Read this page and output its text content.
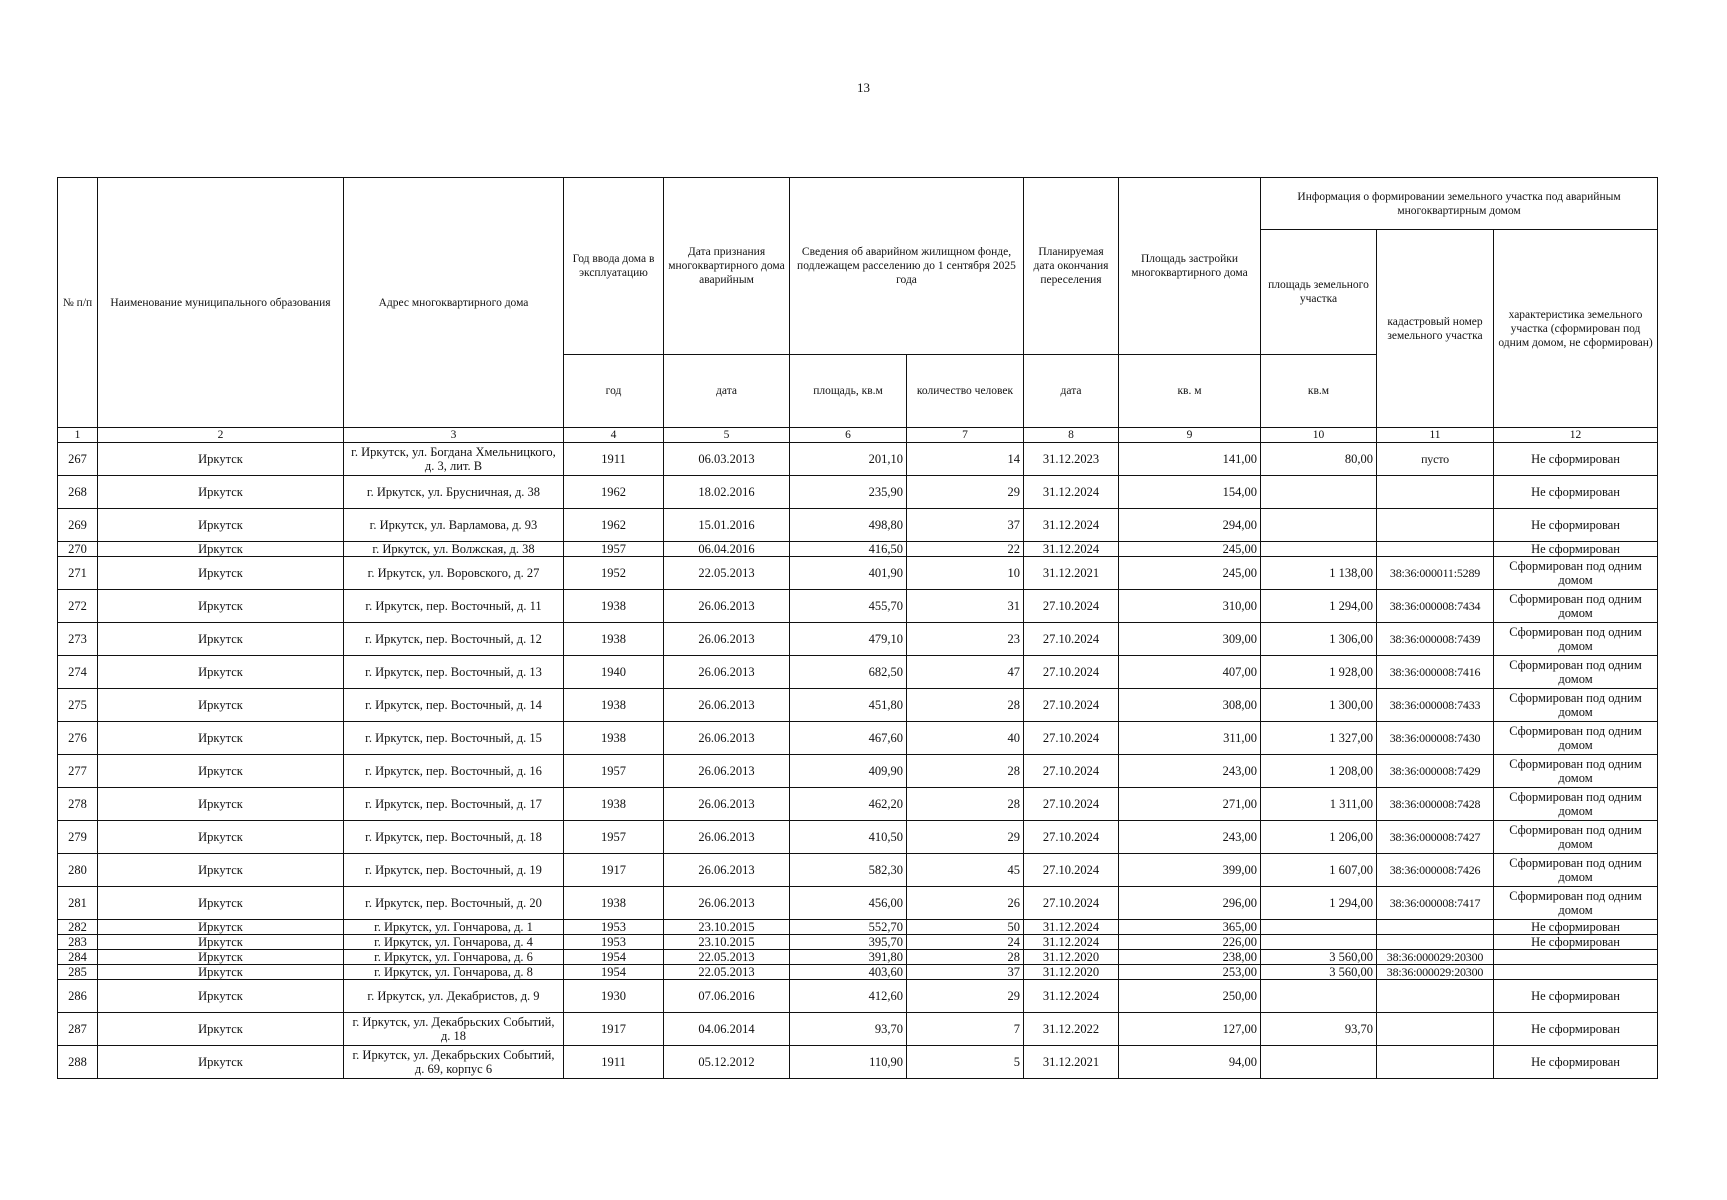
13
№ п/п	Наименование муниципального образования	Адрес многоквартирного дома	Год ввода дома в эксплуатацию	Дата признания многоквартирного дома аварийным	Сведения об аварийном жилищном фонде, подлежащем расселению до 1 сентября 2025 года		Планируемая дата окончания переселения	Площадь застройки многоквартирного дома	Информация о формировании земельного участка под аварийным многоквартирным домом		
									площадь земельного участка	кадастровый номер земельного участка	характеристика земельного участка (сформирован под одним домом, не сформирован)
			год	дата	площадь, кв.м	количество человек	дата	кв. м	кв.м		
1	2	3	4	5	6	7	8	9	10	11	12
267	Иркутск	г. Иркутск, ул. Богдана Хмельницкого, д. 3, лит. В	1911	06.03.2013	201,10	14	31.12.2023	141,00	80,00	пусто	Не сформирован
268	Иркутск	г. Иркутск, ул. Брусничная, д. 38	1962	18.02.2016	235,90	29	31.12.2024	154,00			Не сформирован
269	Иркутск	г. Иркутск, ул. Варламова, д. 93	1962	15.01.2016	498,80	37	31.12.2024	294,00			Не сформирован
270	Иркутск	г. Иркутск, ул. Волжская, д. 38	1957	06.04.2016	416,50	22	31.12.2024	245,00			Не сформирован
271	Иркутск	г. Иркутск, ул. Воровского, д. 27	1952	22.05.2013	401,90	10	31.12.2021	245,00	1 138,00	38:36:000011:5289	Сформирован под одним домом
272	Иркутск	г. Иркутск, пер. Восточный, д. 11	1938	26.06.2013	455,70	31	27.10.2024	310,00	1 294,00	38:36:000008:7434	Сформирован под одним домом
273	Иркутск	г. Иркутск, пер. Восточный, д. 12	1938	26.06.2013	479,10	23	27.10.2024	309,00	1 306,00	38:36:000008:7439	Сформирован под одним домом
274	Иркутск	г. Иркутск, пер. Восточный, д. 13	1940	26.06.2013	682,50	47	27.10.2024	407,00	1 928,00	38:36:000008:7416	Сформирован под одним домом
275	Иркутск	г. Иркутск, пер. Восточный, д. 14	1938	26.06.2013	451,80	28	27.10.2024	308,00	1 300,00	38:36:000008:7433	Сформирован под одним домом
276	Иркутск	г. Иркутск, пер. Восточный, д. 15	1938	26.06.2013	467,60	40	27.10.2024	311,00	1 327,00	38:36:000008:7430	Сформирован под одним домом
277	Иркутск	г. Иркутск, пер. Восточный, д. 16	1957	26.06.2013	409,90	28	27.10.2024	243,00	1 208,00	38:36:000008:7429	Сформирован под одним домом
278	Иркутск	г. Иркутск, пер. Восточный, д. 17	1938	26.06.2013	462,20	28	27.10.2024	271,00	1 311,00	38:36:000008:7428	Сформирован под одним домом
279	Иркутск	г. Иркутск, пер. Восточный, д. 18	1957	26.06.2013	410,50	29	27.10.2024	243,00	1 206,00	38:36:000008:7427	Сформирован под одним домом
280	Иркутск	г. Иркутск, пер. Восточный, д. 19	1917	26.06.2013	582,30	45	27.10.2024	399,00	1 607,00	38:36:000008:7426	Сформирован под одним домом
281	Иркутск	г. Иркутск, пер. Восточный, д. 20	1938	26.06.2013	456,00	26	27.10.2024	296,00	1 294,00	38:36:000008:7417	Сформирован под одним домом
282	Иркутск	г. Иркутск, ул. Гончарова, д. 1	1953	23.10.2015	552,70	50	31.12.2024	365,00			Не сформирован
283	Иркутск	г. Иркутск, ул. Гончарова, д. 4	1953	23.10.2015	395,70	24	31.12.2024	226,00			Не сформирован
284	Иркутск	г. Иркутск, ул. Гончарова, д. 6	1954	22.05.2013	391,80	28	31.12.2020	238,00	3 560,00	38:36:000029:20300	
285	Иркутск	г. Иркутск, ул. Гончарова, д. 8	1954	22.05.2013	403,60	37	31.12.2020	253,00	3 560,00	38:36:000029:20300	
286	Иркутск	г. Иркутск, ул. Декабристов, д. 9	1930	07.06.2016	412,60	29	31.12.2024	250,00			Не сформирован
287	Иркутск	г. Иркутск, ул. Декабрьских Событий, д. 18	1917	04.06.2014	93,70	7	31.12.2022	127,00	93,70		Не сформирован
288	Иркутск	г. Иркутск, ул. Декабрьских Событий, д. 69, корпус 6	1911	05.12.2012	110,90	5	31.12.2021	94,00			Не сформирован
